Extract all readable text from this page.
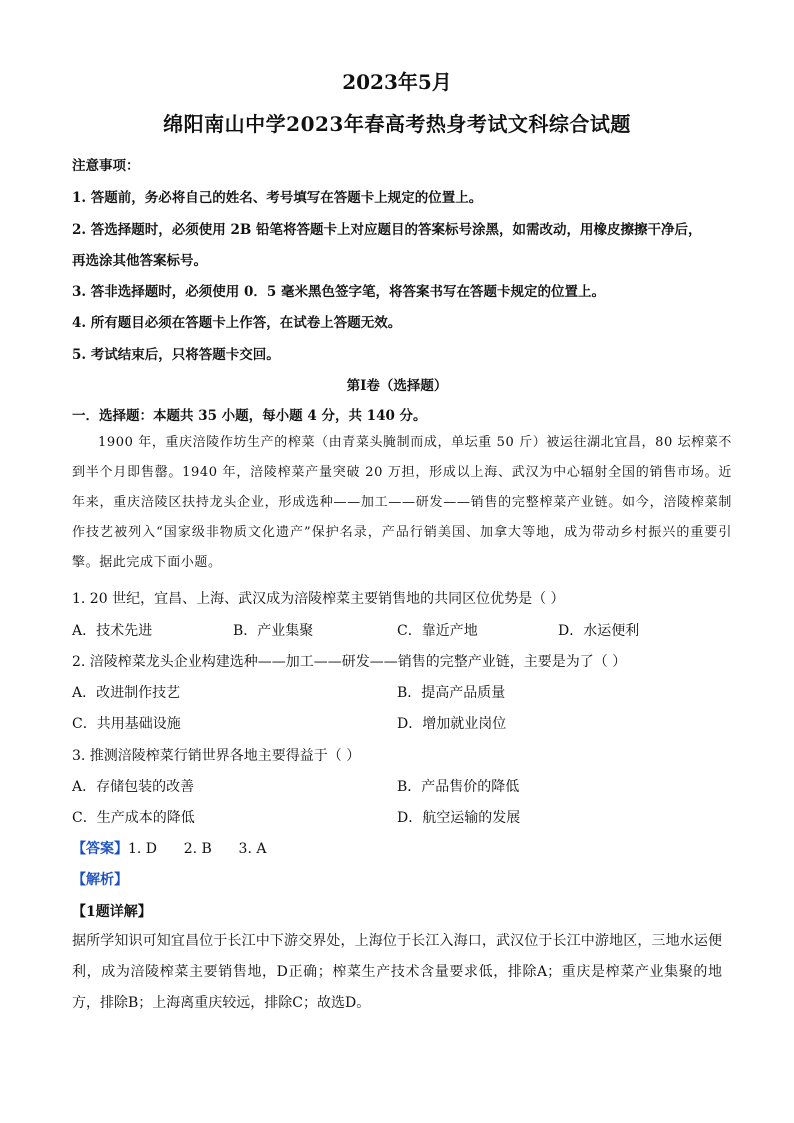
2023年5月
绵阳南山中学2023年春高考热身考试文科综合试题
注意事项：
1. 答题前，务必将自己的姓名、考号填写在答题卡上规定的位置上。
2. 答选择题时，必须使用 2B 铅笔将答题卡上对应题目的答案标号涂黑，如需改动，用橡皮擦擦干净后，
再选涂其他答案标号。
3. 答非选择题时，必须使用 0．5 毫米黑色签字笔，将答案书写在答题卡规定的位置上。
4. 所有题目必须在答题卡上作答，在试卷上答题无效。
5. 考试结束后，只将答题卡交回。
第Ⅰ卷（选择题）
一．选择题：本题共 35 小题，每小题 4 分，共 140 分。
1900 年，重庆涪陵作坊生产的榨菜（由青菜头腌制而成，单坛重 50 斤）被运往湖北宜昌，80 坛榨菜不到半个月即售罄。1940 年，涪陵榨菜产量突破 20 万担，形成以上海、武汉为中心辐射全国的销售市场。近年来，重庆涪陵区扶持龙头企业，形成选种——加工——研发——销售的完整榨菜产业链。如今，涪陵榨菜制作技艺被列入“国家级非物质文化遗产”保护名录，产品行销美国、加拿大等地，成为带动乡村振兴的重要引擎。据此完成下面小题。
1. 20 世纪，宜昌、上海、武汉成为涪陵榨菜主要销售地的共同区位优势是（ ）
A．技术先进	B．产业集聚	C．靠近产地	D．水运便利
2. 涪陵榨菜龙头企业构建选种——加工——研发——销售的完整产业链，主要是为了（ ）
A．改进制作技艺	B．提高产品质量
C．共用基础设施	D．增加就业岗位
3. 推测涪陵榨菜行销世界各地主要得益于（ ）
A．存储包装的改善	B．产品售价的降低
C．生产成本的降低	D．航空运输的发展
【答案】1. D      2. B      3. A
【解析】
【1题详解】
据所学知识可知宜昌位于长江中下游交界处，上海位于长江入海口，武汉位于长江中游地区，三地水运便利，成为涪陵榨菜主要销售地，D正确；榨菜生产技术含量要求低，排除A；重庆是榨菜产业集聚的地方，排除B；上海离重庆较远，排除C；故选D。
